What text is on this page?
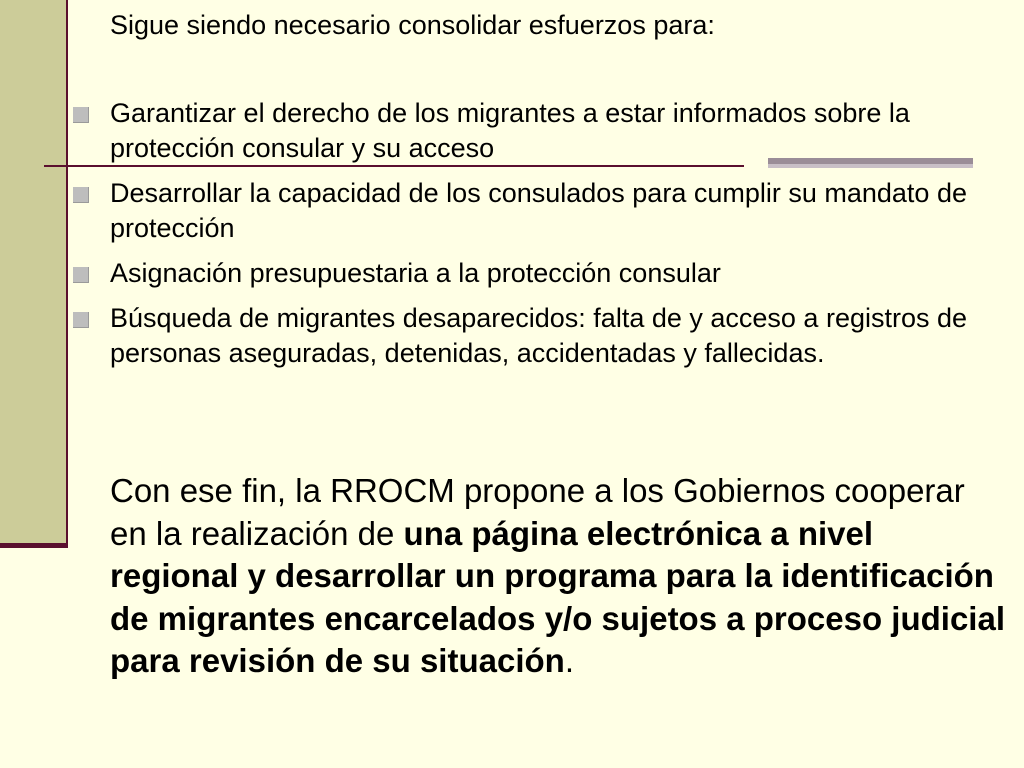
Sigue siendo necesario consolidar esfuerzos para:

Garantizar el derecho de los migrantes a estar informados sobre la protección consular y su acceso
Desarrollar la capacidad de los consulados para cumplir su mandato de protección
Asignación presupuestaria a la protección consular
Búsqueda de migrantes desaparecidos: falta de y acceso a registros de personas aseguradas, detenidas, accidentadas y fallecidas.

Con ese fin, la RROCM propone a los Gobiernos cooperar en la realización de una página electrónica a nivel regional y desarrollar un programa para la identificación de migrantes encarcelados y/o sujetos a proceso judicial para revisión de su situación.
